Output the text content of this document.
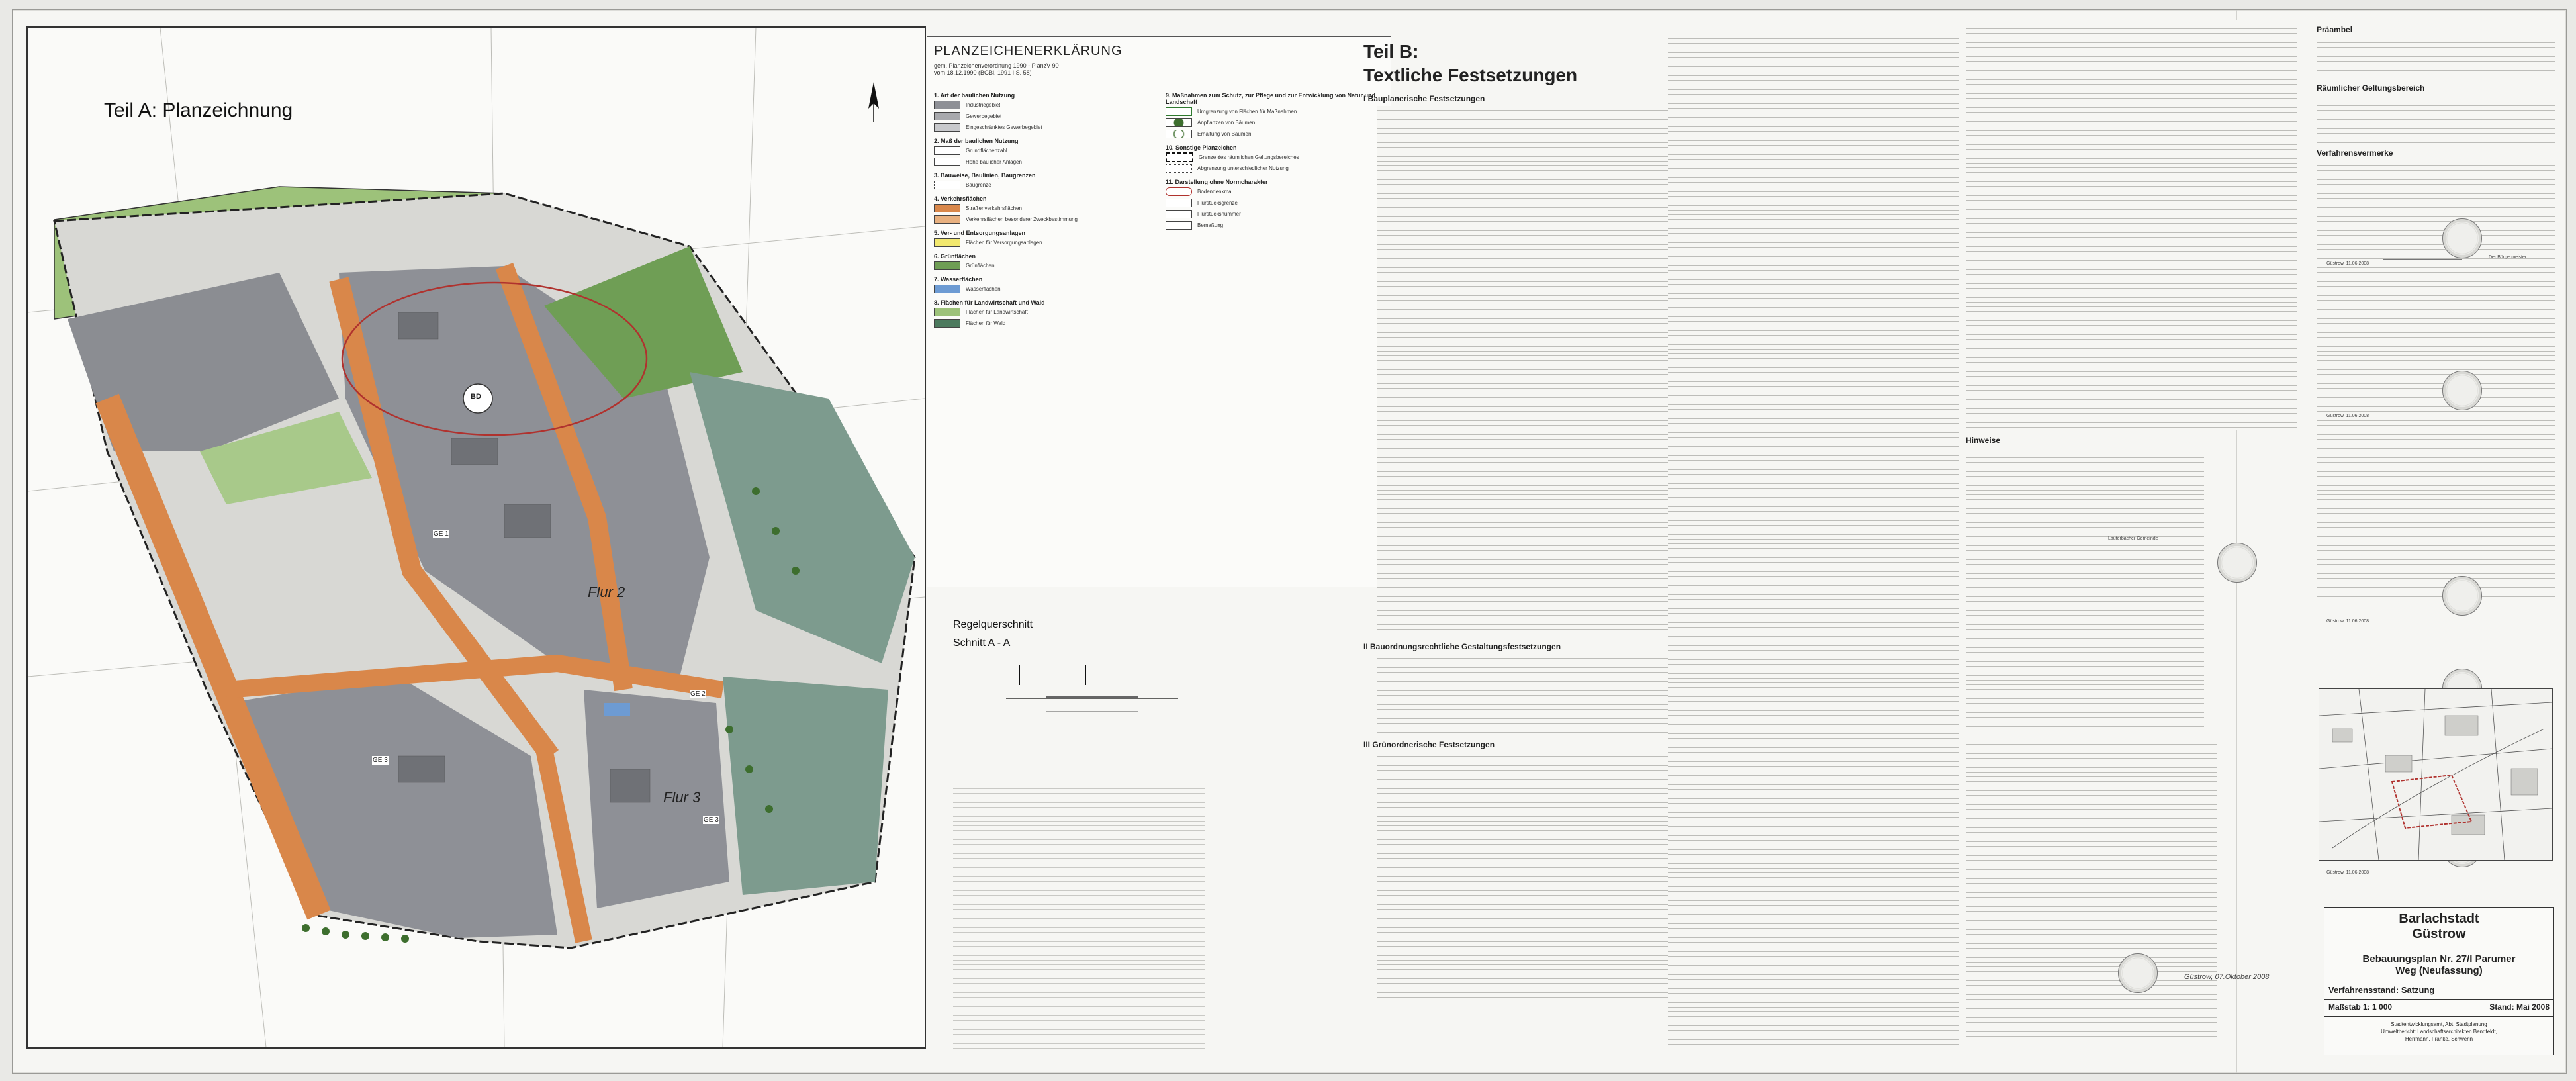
Teil A: Planzeichnung
Flur 2
Flur 3
BD
GE 1
GE 2
GE 3
GE 3
PLANZEICHENERKLÄRUNG
gem. Planzeichenverordnung 1990 - PlanzV 90
vom 18.12.1990 (BGBl. 1991 I S. 58)
1. Art der baulichen Nutzung
Industriegebiet
Gewerbegebiet
Eingeschränktes Gewerbegebiet
2. Maß der baulichen Nutzung
Grundflächenzahl
Höhe baulicher Anlagen
3. Bauweise, Baulinien, Baugrenzen
Baugrenze
4. Verkehrsflächen
Straßenverkehrsflächen
Verkehrsflächen besonderer Zweckbestimmung
5. Ver- und Entsorgungsanlagen
Flächen für Versorgungsanlagen
6. Grünflächen
Grünflächen
7. Wasserflächen
Wasserflächen
8. Flächen für Landwirtschaft und Wald
Flächen für Landwirtschaft
Flächen für Wald
9. Maßnahmen zum Schutz, zur Pflege und zur Entwicklung von Natur und Landschaft
Umgrenzung von Flächen für Maßnahmen
Anpflanzen von Bäumen
Erhaltung von Bäumen
10. Sonstige Planzeichen
Grenze des räumlichen Geltungsbereiches
Abgrenzung unterschiedlicher Nutzung
11. Darstellung ohne Normcharakter
Bodendenkmal
Flurstücksgrenze
Flurstücksnummer
Bemaßung
Regelquerschnitt
Schnitt A - A
Teil B:
Textliche Festsetzungen
I Bauplanerische Festsetzungen
II Bauordnungsrechtliche Gestaltungsfestsetzungen
III Grünordnerische Festsetzungen
Hinweise
Lauterbacher Gemeinde
Präambel
Räumlicher Geltungsbereich
Verfahrensvermerke
Güstrow, 11.06.2008
Der Bürgermeister
Güstrow, 11.06.2008
Güstrow, 11.06.2008
Güstrow, 11.06.2008
Güstrow, 07.Oktober 2008
Barlachstadt
Güstrow
Bebauungsplan Nr. 27/I Parumer
Weg (Neufassung)
Verfahrensstand: Satzung
Maßstab 1: 1 000	Stand: Mai 2008
Stadtentwicklungsamt, Abt. Stadtplanung
Umweltbericht: Landschaftsarchitekten Bendfeldt,
Herrmann, Franke, Schwerin
